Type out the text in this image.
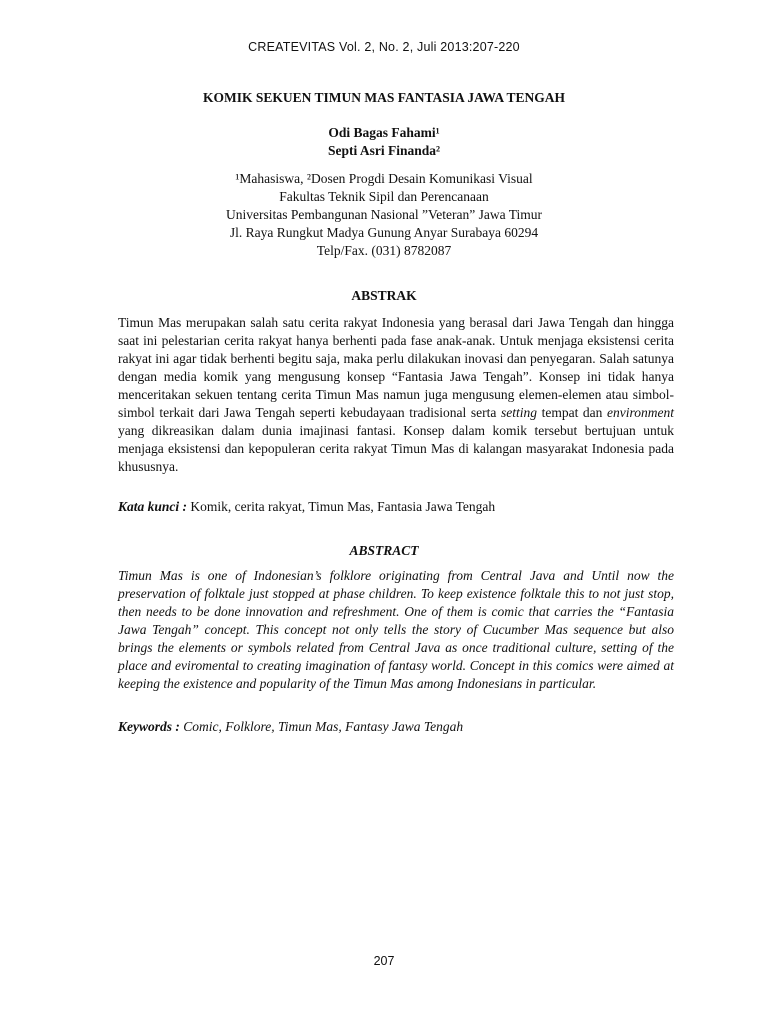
CREATEVITAS Vol. 2, No. 2, Juli 2013:207-220
KOMIK SEKUEN TIMUN MAS FANTASIA JAWA TENGAH
Odi Bagas Fahami¹
Septi Asri Finanda²
¹Mahasiswa, ²Dosen Progdi Desain Komunikasi Visual
Fakultas Teknik Sipil dan Perencanaan
Universitas Pembangunan Nasional ”Veteran” Jawa Timur
Jl. Raya Rungkut Madya Gunung Anyar Surabaya 60294
Telp/Fax. (031) 8782087
ABSTRAK
Timun Mas merupakan salah satu cerita rakyat Indonesia yang berasal dari Jawa Tengah dan hingga saat ini pelestarian cerita rakyat hanya berhenti pada fase anak-anak. Untuk menjaga eksistensi cerita rakyat ini agar tidak berhenti begitu saja, maka perlu dilakukan inovasi dan penyegaran. Salah satunya dengan media komik yang mengusung konsep “Fantasia Jawa Tengah”. Konsep ini tidak hanya menceritakan sekuen tentang cerita Timun Mas namun juga mengusung elemen-elemen atau simbol-simbol terkait dari Jawa Tengah seperti kebudayaan tradisional serta setting tempat dan environment yang dikreasikan dalam dunia imajinasi fantasi. Konsep dalam komik tersebut bertujuan untuk menjaga eksistensi dan kepopuleran cerita rakyat Timun Mas di kalangan masyarakat Indonesia pada khususnya.
Kata kunci : Komik, cerita rakyat, Timun Mas, Fantasia Jawa Tengah
ABSTRACT
Timun Mas is one of Indonesian’s folklore originating from Central Java and Until now the preservation of folktale just stopped at phase children. To keep existence folktale this to not just stop, then needs to be done innovation and refreshment. One of them is comic that carries the “Fantasia Jawa Tengah” concept. This concept not only tells the story of Cucumber Mas sequence but also brings the elements or symbols related from Central Java as once traditional culture, setting of the place and eviromental to creating imagination of fantasy world. Concept in this comics were aimed at keeping the existence and popularity of the Timun Mas among Indonesians in particular.
Keywords : Comic, Folklore, Timun Mas, Fantasy Jawa Tengah
207
